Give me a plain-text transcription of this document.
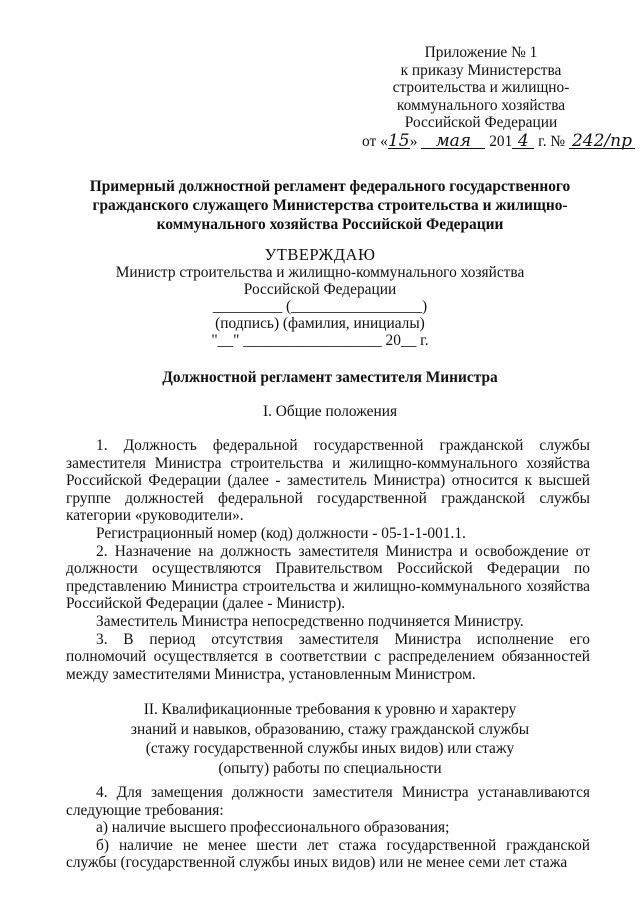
Приложение № 1
к приказу Министерства
строительства и жилищно-
коммунального хозяйства
Российской Федерации
от «15» мая 201 4 г. № 242/пр
Примерный должностной регламент федерального государственного
гражданского служащего Министерства строительства и жилищно-
коммунального хозяйства Российской Федерации
УТВЕРЖДАЮ
Министр строительства и жилищно-коммунального хозяйства
Российской Федерации
_________ (_________________)
(подпись) (фамилия, инициалы)
"__" __________________ 20__ г.
Должностной регламент заместителя Министра
I. Общие положения

1. Должность федеральной государственной гражданской службы заместителя Министра строительства и жилищно-коммунального хозяйства Российской Федерации (далее - заместитель Министра) относится к высшей группе должностей федеральной государственной гражданской службы категории «руководители».

Регистрационный номер (код) должности - 05-1-1-001.1.

2. Назначение на должность заместителя Министра и освобождение от должности осуществляются Правительством Российской Федерации по представлению Министра строительства и жилищно-коммунального хозяйства Российской Федерации (далее - Министр).

Заместитель Министра непосредственно подчиняется Министру.

3. В период отсутствия заместителя Министра исполнение его полномочий осуществляется в соответствии с распределением обязанностей между заместителями Министра, установленным Министром.

II. Квалификационные требования к уровню и характеру
знаний и навыков, образованию, стажу гражданской службы
(стажу государственной службы иных видов) или стажу
(опыту) работы по специальности

4. Для замещения должности заместителя Министра устанавливаются следующие требования:

а) наличие высшего профессионального образования;

б) наличие не менее шести лет стажа государственной гражданской службы (государственной службы иных видов) или не менее семи лет стажа
